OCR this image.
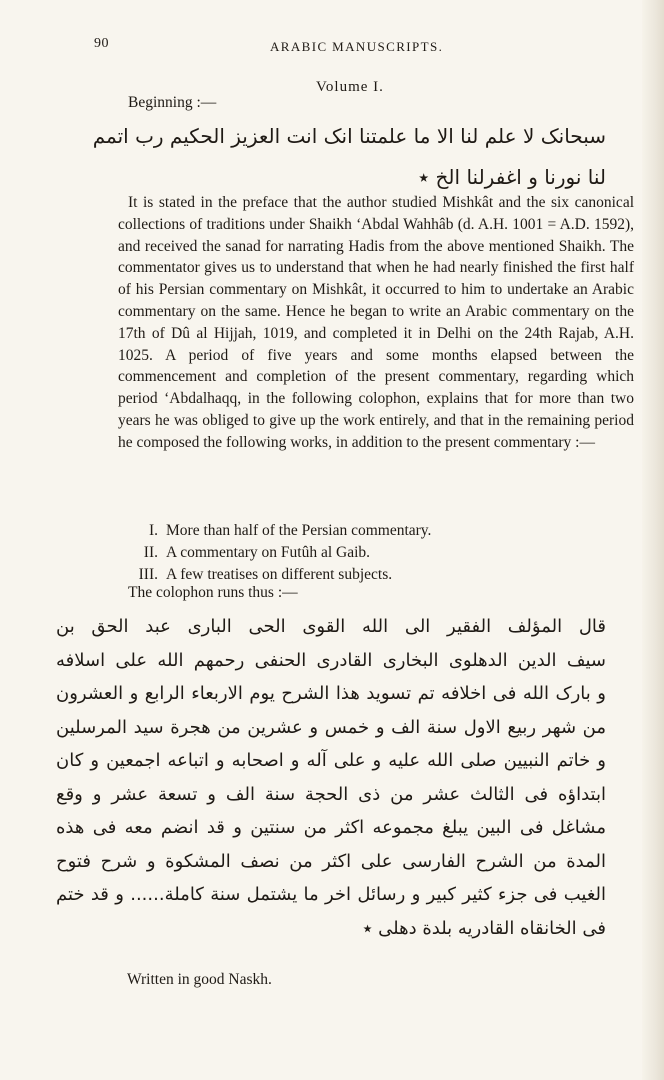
90	ARABIC MANUSCRIPTS.
Volume I.
Beginning :—
سبحانک لا علم لنا الا ما علمتنا انک انت العزیز الحکیم رب اتمم
لنا نورنا و اغفرلنا الخ ٭
It is stated in the preface that the author studied Mishkât and the six canonical collections of traditions under Shaikh ‘Abdal Wahhâb (d. A.H. 1001 = A.D. 1592), and received the sanad for narrating Hadis from the above mentioned Shaikh. The commentator gives us to understand that when he had nearly finished the first half of his Persian commentary on Mishkât, it occurred to him to undertake an Arabic commentary on the same. Hence he began to write an Arabic commentary on the 17th of Dû al Hijjah, 1019, and completed it in Delhi on the 24th Rajab, A.H. 1025. A period of five years and some months elapsed between the commencement and completion of the present commentary, regarding which period ‘Abdalhaqq, in the following colophon, explains that for more than two years he was obliged to give up the work entirely, and that in the remaining period he composed the following works, in addition to the present commentary :—
I. More than half of the Persian commentary.
II. A commentary on Futûh al Gaib.
III. A few treatises on different subjects.
The colophon runs thus :—
قال المؤلف الفقیر الی الله القوی الحی الباری عبد الحق بن
سیف الدین الدهلوی البخاری القادری الحنفی رحمهم الله علی اسلافه
و بارک الله فی اخلافه تم تسوید هذا الشرح یوم الاربعاء الرابع و العشرون
من شهر ربیع الاول سنة الف و خمس و عشرین من هجرة سید المرسلین
و خاتم النبیین صلی الله علیه و علی آله و اصحابه و اتباعه اجمعین و کان
ابتداؤه فی الثالث عشر من ذی الحجة سنة الف و تسعة عشر و وقع
مشاغل فی البین یبلغ مجموعه اکثر من سنتین و قد انضم معه فی هذه
المدة من الشرح الفارسی علی اکثر من نصف المشکوة و شرح فتوح
الغیب فی جزء کثیر کبیر و رسائل اخر ما یشتمل سنة کاملة...... و قد ختم
فی الخانقاه القادریه بلدة دهلی ٭
Written in good Naskh.
